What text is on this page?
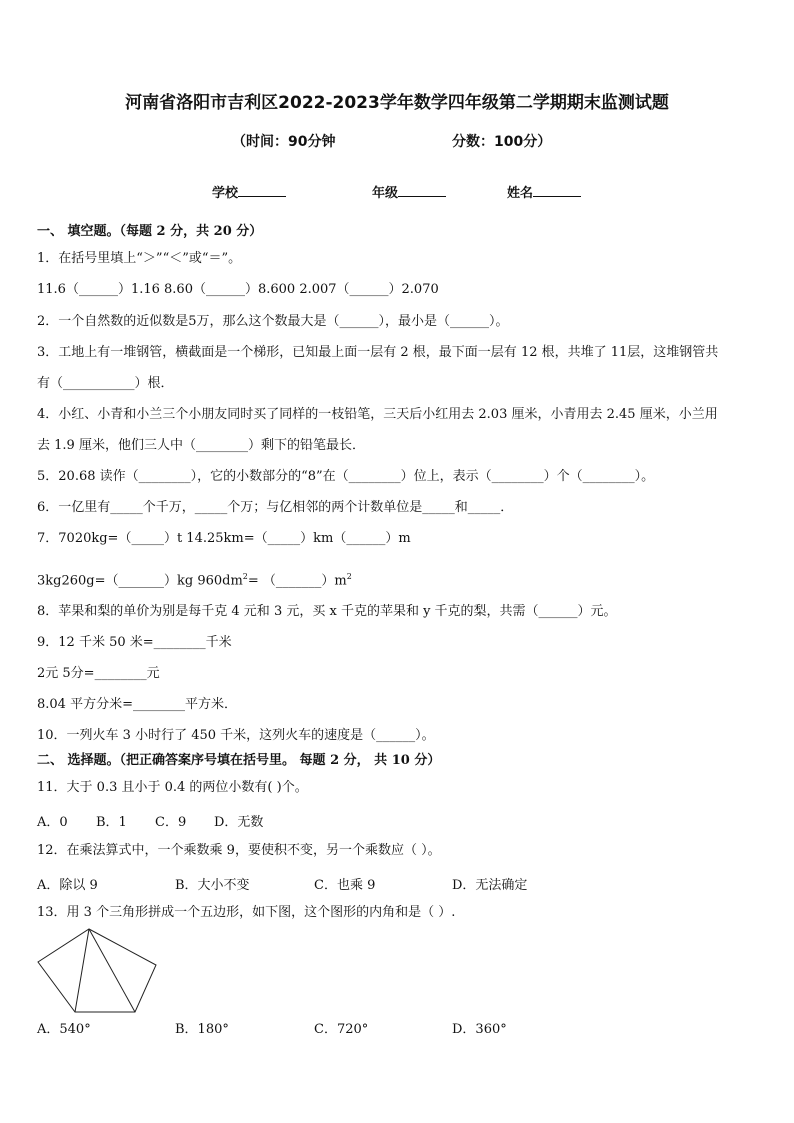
河南省洛阳市吉利区2022-2023学年数学四年级第二学期期末监测试题
（时间：90分钟	分数：100分）
学校	年级	姓名
一、 填空题。（每题 2 分，共 20 分）
1．在括号里填上“＞”“＜”或“＝”。
11.6（______）1.16 8.60（______）8.600 2.007（______）2.070
2．一个自然数的近似数是5万，那么这个数最大是（______），最小是（______）。
3．工地上有一堆钢管，横截面是一个梯形，已知最上面一层有 2 根，最下面一层有 12 根，共堆了 11层，这堆钢管共
有（___________）根．
4．小红、小青和小兰三个小朋友同时买了同样的一枝铅笔，三天后小红用去 2.03 厘米，小青用去 2.45 厘米，小兰用
去 1.9 厘米，他们三人中（________）剩下的铅笔最长．
5．20.68 读作（________），它的小数部分的“8”在（________）位上，表示（________）个（________）。
6．一亿里有_____个千万，_____个万；与亿相邻的两个计数单位是_____和_____．
7．7020kg=（_____）t 14.25km=（_____）km（______）m
3kg260g=（_______）kg $960dm^2=$ $(\_\_\_\_\_\_\_)m^2$
8．苹果和梨的单价为别是每千克 4 元和 3 元，买 x 千克的苹果和 y 千克的梨，共需（______）元。
9．12 千米 50 米=________千米
2元 5分=________元
8.04 平方分米=________平方米．
10．一列火车 3 小时行了 450 千米，这列火车的速度是（______）。
二、 选择题。（把正确答案序号填在括号里。 每题 2 分， 共 10 分）
11．大于 0.3 且小于 0.4 的两位小数有( )个。
A．0 B．1 C．9 D．无数
12．在乘法算式中，一个乘数乘 9，要使积不变，另一个乘数应（ ）。
A．除以 9	B．大小不变	C．也乘 9	D．无法确定
13．用 3 个三角形拼成一个五边形，如下图，这个图形的内角和是（ ）.
A．540°	B．180°	C．720°	D．360°
